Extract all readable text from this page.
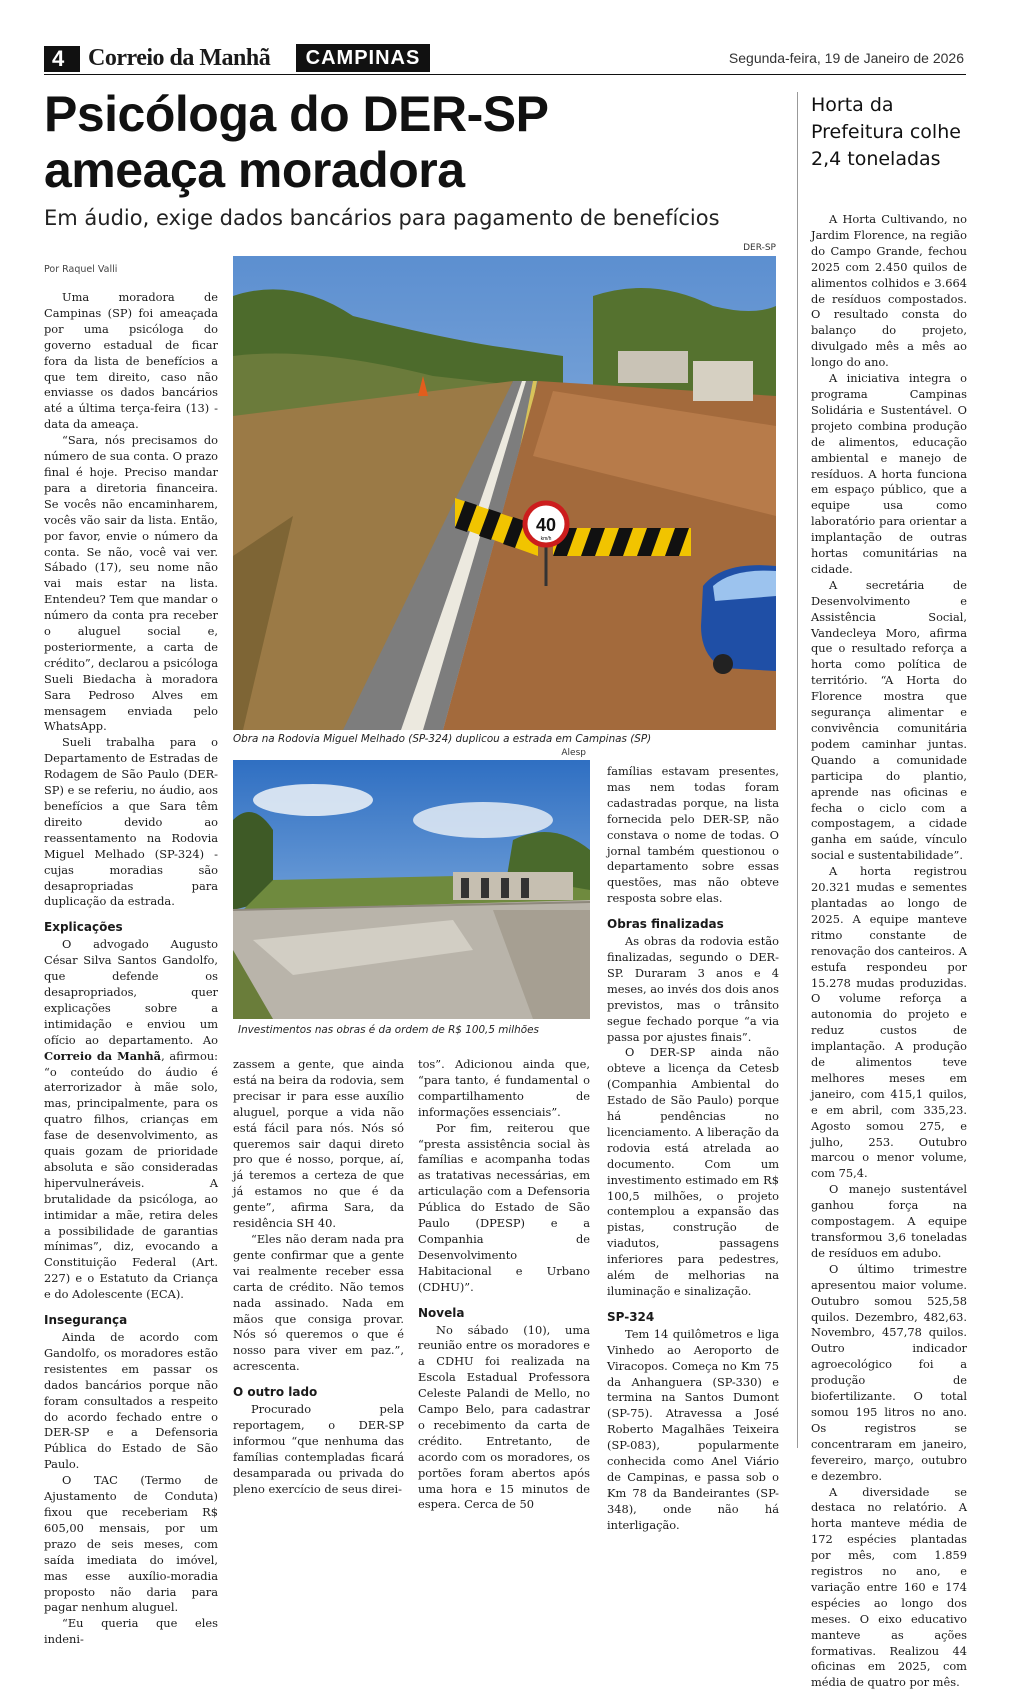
4 Correio da Manhã	CAMPINAS	Segunda-feira, 19 de Janeiro de 2026
Psicóloga do DER-SP
ameaça moradora
Em áudio, exige dados bancários para pagamento de benefícios
DER-SP
Por Raquel Valli
40
km/h
Obra na Rodovia Miguel Melhado (SP-324) duplicou a estrada em Campinas (SP)
Alesp
Investimentos nas obras é da ordem de R$ 100,5 milhões

Uma moradora de Campinas (SP) foi ameaçada por uma psicóloga do governo estadual de ficar fora da lista de benefícios a que tem direito, caso não enviasse os dados bancários até a última terça-feira (13) - data da ameaça.

“Sara, nós precisamos do número de sua conta. O prazo final é hoje. Preciso mandar para a diretoria financeira. Se vocês não encaminharem, vocês vão sair da lista. Então, por favor, envie o número da conta. Se não, você vai ver. Sábado (17), seu nome não vai mais estar na lista. Entendeu? Tem que mandar o número da conta pra receber o aluguel social e, posteriormente, a carta de crédito”, declarou a psicóloga Sueli Biedacha à moradora Sara Pedroso Alves em mensagem enviada pelo WhatsApp.

Sueli trabalha para o Departamento de Estradas de Rodagem de São Paulo (DER-SP) e se referiu, no áudio, aos benefícios a que Sara têm direito devido ao reassentamento na Rodovia Miguel Melhado (SP-324) - cujas moradias são desapropriadas para duplicação da estrada.

Explicações

O advogado Augusto César Silva Santos Gandolfo, que defende os desapropriados, quer explicações sobre a intimidação e enviou um ofício ao departamento. Ao Correio da Manhã, afirmou: “o conteúdo do áudio é aterrorizador à mãe solo, mas, principalmente, para os quatro filhos, crianças em fase de desenvolvimento, as quais gozam de prioridade absoluta e são consideradas hipervulneráveis. A brutalidade da psicóloga, ao intimidar a mãe, retira deles a possibilidade de garantias mínimas”, diz, evocando a Constituição Federal (Art. 227) e o Estatuto da Criança e do Adolescente (ECA).

Insegurança

Ainda de acordo com Gandolfo, os moradores estão resistentes em passar os dados bancários porque não foram consultados a respeito do acordo fechado entre o DER-SP e a Defensoria Pública do Estado de São Paulo.

O TAC (Termo de Ajustamento de Conduta) fixou que receberiam R$ 605,00 mensais, por um prazo de seis meses, com saída imediata do imóvel, mas esse auxílio-moradia proposto não daria para pagar nenhum aluguel.

“Eu queria que eles indeni-

zassem a gente, que ainda está na beira da rodovia, sem precisar ir para esse auxílio aluguel, porque a vida não está fácil para nós. Nós só queremos sair daqui direto pro que é nosso, porque, aí, já teremos a certeza de que já estamos no que é da gente”, afirma Sara, da residência SH 40.

“Eles não deram nada pra gente confirmar que a gente vai realmente receber essa carta de crédito. Não temos nada assinado. Nada em mãos que consiga provar. Nós só queremos o que é nosso para viver em paz.”, acrescenta.

O outro lado

Procurado pela reportagem, o DER-SP informou “que nenhuma das famílias contempladas ficará desamparada ou privada do pleno exercício de seus direi-

tos”. Adicionou ainda que, “para tanto, é fundamental o compartilhamento de informações essenciais”.

Por fim, reiterou que “presta assistência social às famílias e acompanha todas as tratativas necessárias, em articulação com a Defensoria Pública do Estado de São Paulo (DPESP) e a Companhia de Desenvolvimento Habitacional e Urbano (CDHU)”.

Novela

No sábado (10), uma reunião entre os moradores e a CDHU foi realizada na Escola Estadual Professora Celeste Palandi de Mello, no Campo Belo, para cadastrar o recebimento da carta de crédito. Entretanto, de acordo com os moradores, os portões foram abertos após uma hora e 15 minutos de espera. Cerca de 50

famílias estavam presentes, mas nem todas foram cadastradas porque, na lista fornecida pelo DER-SP, não constava o nome de todas. O jornal também questionou o departamento sobre essas questões, mas não obteve resposta sobre elas.

Obras finalizadas

As obras da rodovia estão finalizadas, segundo o DER-SP. Duraram 3 anos e 4 meses, ao invés dos dois anos previstos, mas o trânsito segue fechado porque “a via passa por ajustes finais”.

O DER-SP ainda não obteve a licença da Cetesb (Companhia Ambiental do Estado de São Paulo) porque há pendências no licenciamento. A liberação da rodovia está atrelada ao documento. Com um investimento estimado em R$ 100,5 milhões, o projeto contemplou a expansão das pistas, construção de viadutos, passagens inferiores para pedestres, além de melhorias na iluminação e sinalização.

SP-324

Tem 14 quilômetros e liga Vinhedo ao Aeroporto de Viracopos. Começa no Km 75 da Anhanguera (SP-330) e termina na Santos Dumont (SP-75). Atravessa a José Roberto Magalhães Teixeira (SP-083), popularmente conhecida como Anel Viário de Campinas, e passa sob o Km 78 da Bandeirantes (SP-348), onde não há interligação.

Horta da Prefeitura colhe 2,4 toneladas

A Horta Cultivando, no Jardim Florence, na região do Campo Grande, fechou 2025 com 2.450 quilos de alimentos colhidos e 3.664 de resíduos compostados. O resultado consta do balanço do projeto, divulgado mês a mês ao longo do ano.

A iniciativa integra o programa Campinas Solidária e Sustentável. O projeto combina produção de alimentos, educação ambiental e manejo de resíduos. A horta funciona em espaço público, que a equipe usa como laboratório para orientar a implantação de outras hortas comunitárias na cidade.

A secretária de Desenvolvimento e Assistência Social, Vandecleya Moro, afirma que o resultado reforça a horta como política de território. “A Horta do Florence mostra que segurança alimentar e convivência comunitária podem caminhar juntas. Quando a comunidade participa do plantio, aprende nas oficinas e fecha o ciclo com a compostagem, a cidade ganha em saúde, vínculo social e sustentabilidade”.

A horta registrou 20.321 mudas e sementes plantadas ao longo de 2025. A equipe manteve ritmo constante de renovação dos canteiros. A estufa respondeu por 15.278 mudas produzidas. O volume reforça a autonomia do projeto e reduz custos de implantação. A produção de alimentos teve melhores meses em janeiro, com 415,1 quilos, e em abril, com 335,23. Agosto somou 275, e julho, 253. Outubro marcou o menor volume, com 75,4.

O manejo sustentável ganhou força na compostagem. A equipe transformou 3,6 toneladas de resíduos em adubo.

O último trimestre apresentou maior volume. Outubro somou 525,58 quilos. Dezembro, 482,63. Novembro, 457,78 quilos. Outro indicador agroecológico foi a produção de biofertilizante. O total somou 195 litros no ano. Os registros se concentraram em janeiro, fevereiro, março, outubro e dezembro.

A diversidade se destaca no relatório. A horta manteve média de 172 espécies plantadas por mês, com 1.859 registros no ano, e variação entre 160 e 174 espécies ao longo dos meses. O eixo educativo manteve as ações formativas. Realizou 44 oficinas em 2025, com média de quatro por mês.
